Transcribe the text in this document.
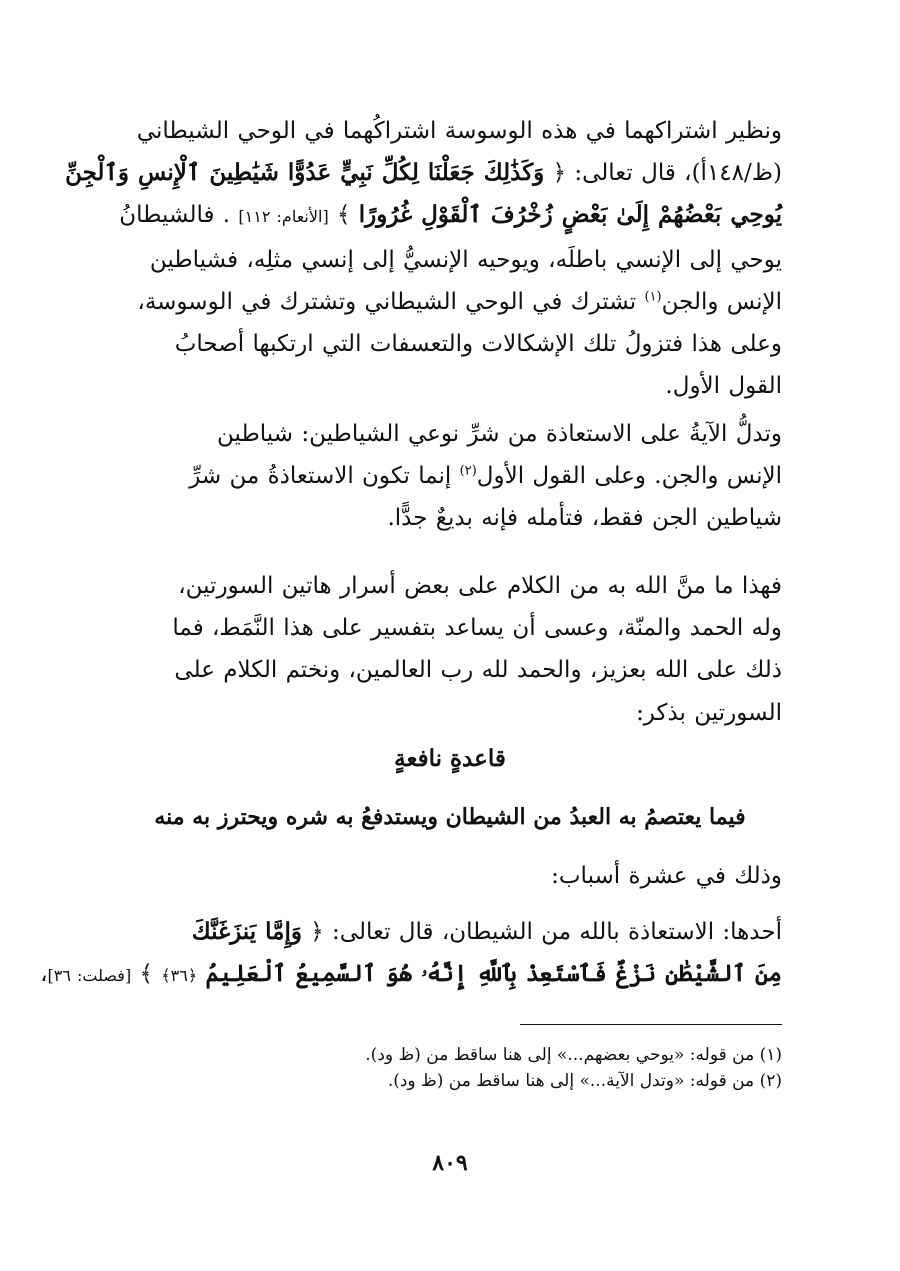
ونظير اشتراكهما في هذه الوسوسة اشتراكُهما في الوحي الشيطاني
(ظ/١٤٨أ)، قال تعالى: ﴿ وَكَذَٰلِكَ جَعَلْنَا لِكُلِّ نَبِيٍّ عَدُوًّا شَيَٰطِينَ ٱلْإِنسِ وَٱلْجِنِّ
يُوحِي بَعْضُهُمْ إِلَىٰ بَعْضٍ زُخْرُفَ ٱلْقَوْلِ غُرُورًا ﴾ [الأنعام: ١١٢] . فالشيطانُ
يوحي إلى الإنسي باطلَه، ويوحيه الإنسيُّ إلى إنسي مثلِه، فشياطين
الإنس والجن$^{(١)}$ تشترك في الوحي الشيطاني وتشترك في الوسوسة،
وعلى هذا فتزولُ تلك الإشكالات والتعسفات التي ارتكبها أصحابُ
القول الأول.
وتدلُّ الآيةُ على الاستعاذة من شرِّ نوعي الشياطين: شياطين
الإنس والجن. وعلى القول الأول$^{(٢)}$ إنما تكون الاستعاذةُ من شرِّ
شياطين الجن فقط، فتأمله فإنه بديعٌ جدًّا.
فهذا ما منَّ الله به من الكلام على بعض أسرار هاتين السورتين،
وله الحمد والمنّة، وعسى أن يساعد بتفسير على هذا النَّمَط، فما
ذلك على الله بعزيز، والحمد لله رب العالمين، ونختم الكلام على
السورتين بذكر:
قاعدةٍ نافعةٍ
فيما يعتصمُ به العبدُ من الشيطان ويستدفعُ به شره ويحترز به منه
وذلك في عشرة أسباب:
أحدها: الاستعاذة بالله من الشيطان، قال تعالى: ﴿ وَإِمَّا يَنزَغَنَّكَ
مِنَ ٱلشَّيْطَٰنِ نَزْغٌ فَٱسْتَعِذْ بِٱللَّهِ إِنَّهُۥ هُوَ ٱلسَّمِيعُ ٱلْعَلِيمُ ﴿٣٦﴾ ﴾ [فصلت: ٣٦]،
(١) من قوله: «يوحي بعضهم...» إلى هنا ساقط من (ظ ود).
(٢) من قوله: «وتدل الآية...» إلى هنا ساقط من (ظ ود).
٨٠٩
